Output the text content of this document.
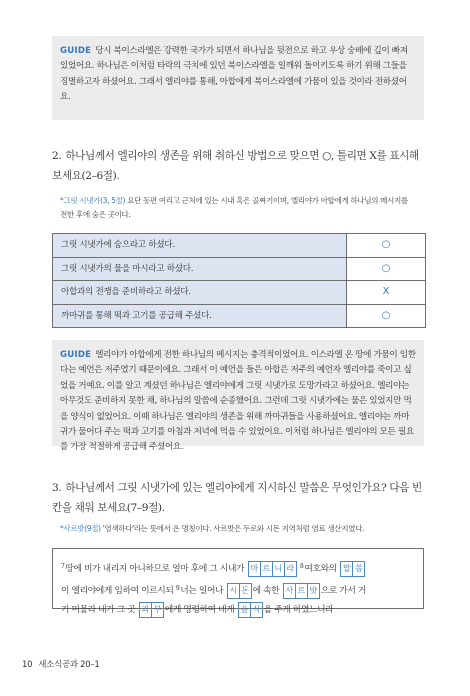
GUIDE 당시 북이스라엘은 강력한 국가가 되면서 하나님을 뒷전으로 하고 우상 숭배에 깊이 빠져 있었어요. 하나님은 이처럼 타락의 극치에 있던 북이스라엘을 일깨워 돌이키도록 하기 위해 그들을 징벌하고자 하셨어요. 그래서 엘리야를 통해, 아합에게 북이스라엘에 가뭄이 있을 것이라 전하셨어요.
2. 하나님께서 엘리야의 생존을 위해 취하신 방법으로 맞으면 ○, 틀리면 X를 표시해 보세요(2–6절).
*그릿 시냇가(3, 5절) 요단 동편 여리고 근처에 있는 시내 혹은 골짜기이며, 엘리야가 아합에게 하나님의 메시지를 전한 후에 숨은 곳이다.
그릿 시냇가에 숨으라고 하셨다.	○
그릿 시냇가의 물을 마시라고 하셨다.	○
아합과의 전쟁을 준비하라고 하셨다.	X
까마귀를 통해 떡과 고기를 공급해 주셨다.	○
GUIDE 엘리야가 아합에게 전한 하나님의 메시지는 충격적이었어요. 이스라엘 온 땅에 가뭄이 임한다는 예언은 저주였기 때문이에요. 그래서 이 예언을 들은 아합은 저주의 예언자 엘리야를 죽이고 싶었을 거예요. 이를 알고 계셨던 하나님은 엘리야에게 그릿 시냇가로 도망가라고 하셨어요. 엘리야는 아무것도 준비하지 못한 채, 하나님의 말씀에 순종했어요. 그런데 그릿 시냇가에는 물은 있었지만 먹을 양식이 없었어요. 이때 하나님은 엘리야의 생존을 위해 까마귀들을 사용하셨어요. 엘리야는 까마귀가 물어다 주는 떡과 고기를 아침과 저녁에 먹을 수 있었어요. 이처럼 하나님은 엘리야의 모든 필요를 가장 적절하게 공급해 주셨어요.
3. 하나님께서 그릿 시냇가에 있는 엘리야에게 지시하신 말씀은 무엇인가요? 다음 빈칸을 채워 보세요(7–9절).
*사르밧(9절) '염색하다'라는 뜻에서 온 명칭이다. 사르밧은 두로와 시돈 지역처럼 염료 생산지였다.
$^7$땅에 비가 내리지 아니하므로 얼마 후에 그 시내가 마 르 니 라	$^8$여호와의 말 씀
이 엘리야에게 임하여 이르시되 $^9$너는 일어나 시 돈 에 속한 사 르 밧 으로 가서 거
기 머물라 내가 그 곳 과 부 에게 명령하여 네게 음 식 을 주게 하였느니라
10 새소식공과 20–1
